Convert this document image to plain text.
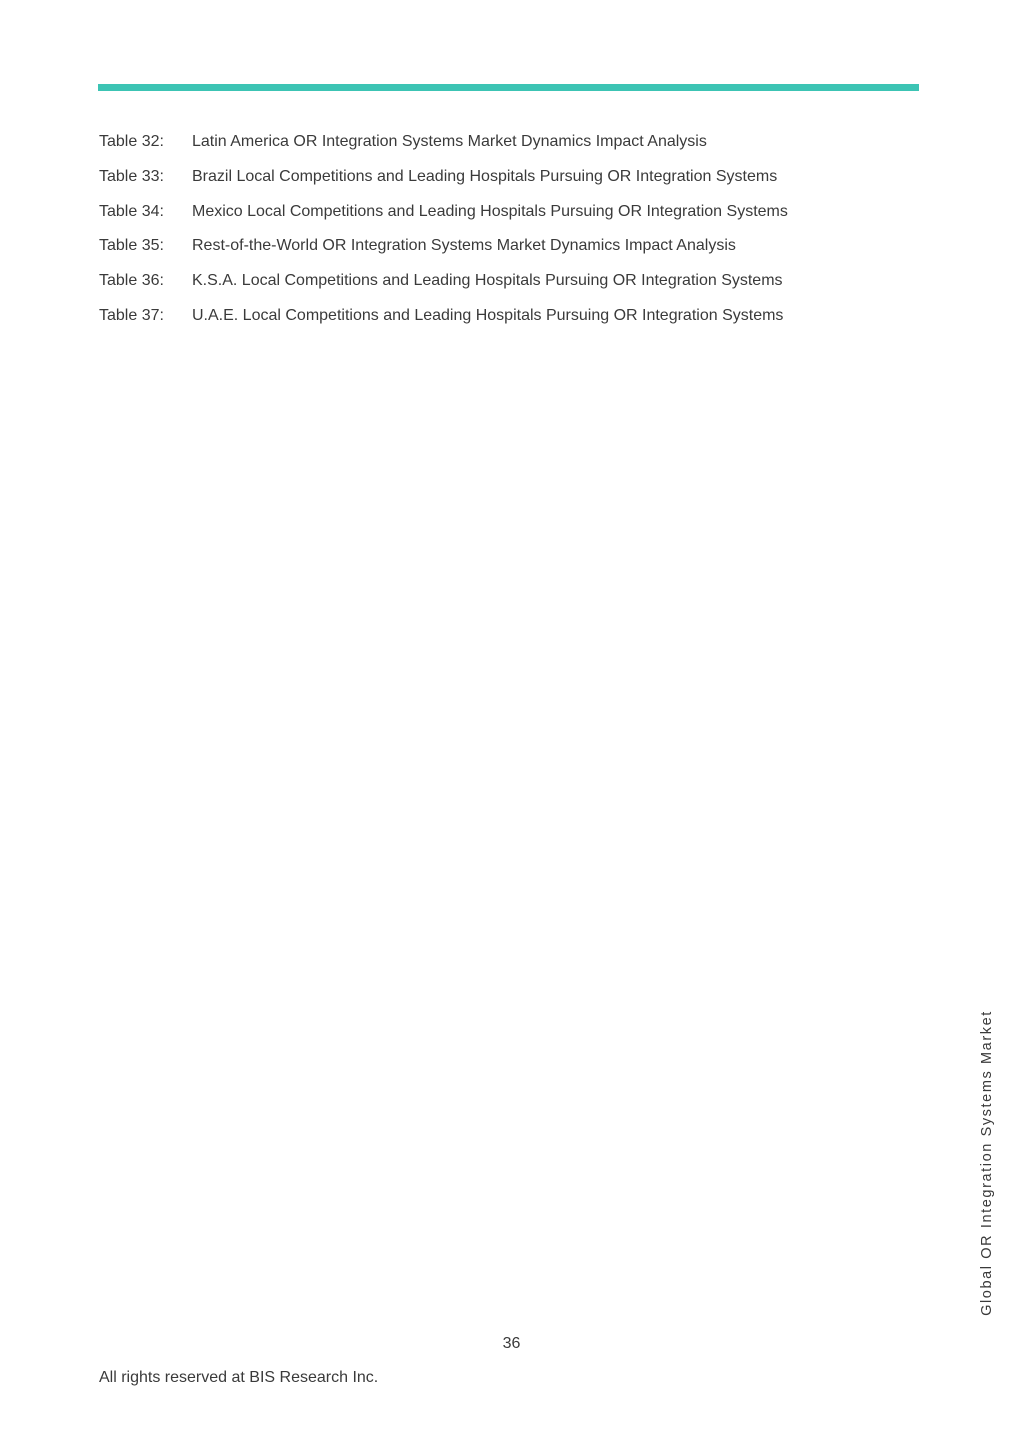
Table 32:	Latin America OR Integration Systems Market Dynamics Impact Analysis
Table 33:	Brazil Local Competitions and Leading Hospitals Pursuing OR Integration Systems
Table 34:	Mexico Local Competitions and Leading Hospitals Pursuing OR Integration Systems
Table 35:	Rest-of-the-World OR Integration Systems Market Dynamics Impact Analysis
Table 36:	K.S.A. Local Competitions and Leading Hospitals Pursuing OR Integration Systems
Table 37:	U.A.E. Local Competitions and Leading Hospitals Pursuing OR Integration Systems
Global OR Integration Systems Market
36
All rights reserved at BIS Research Inc.
